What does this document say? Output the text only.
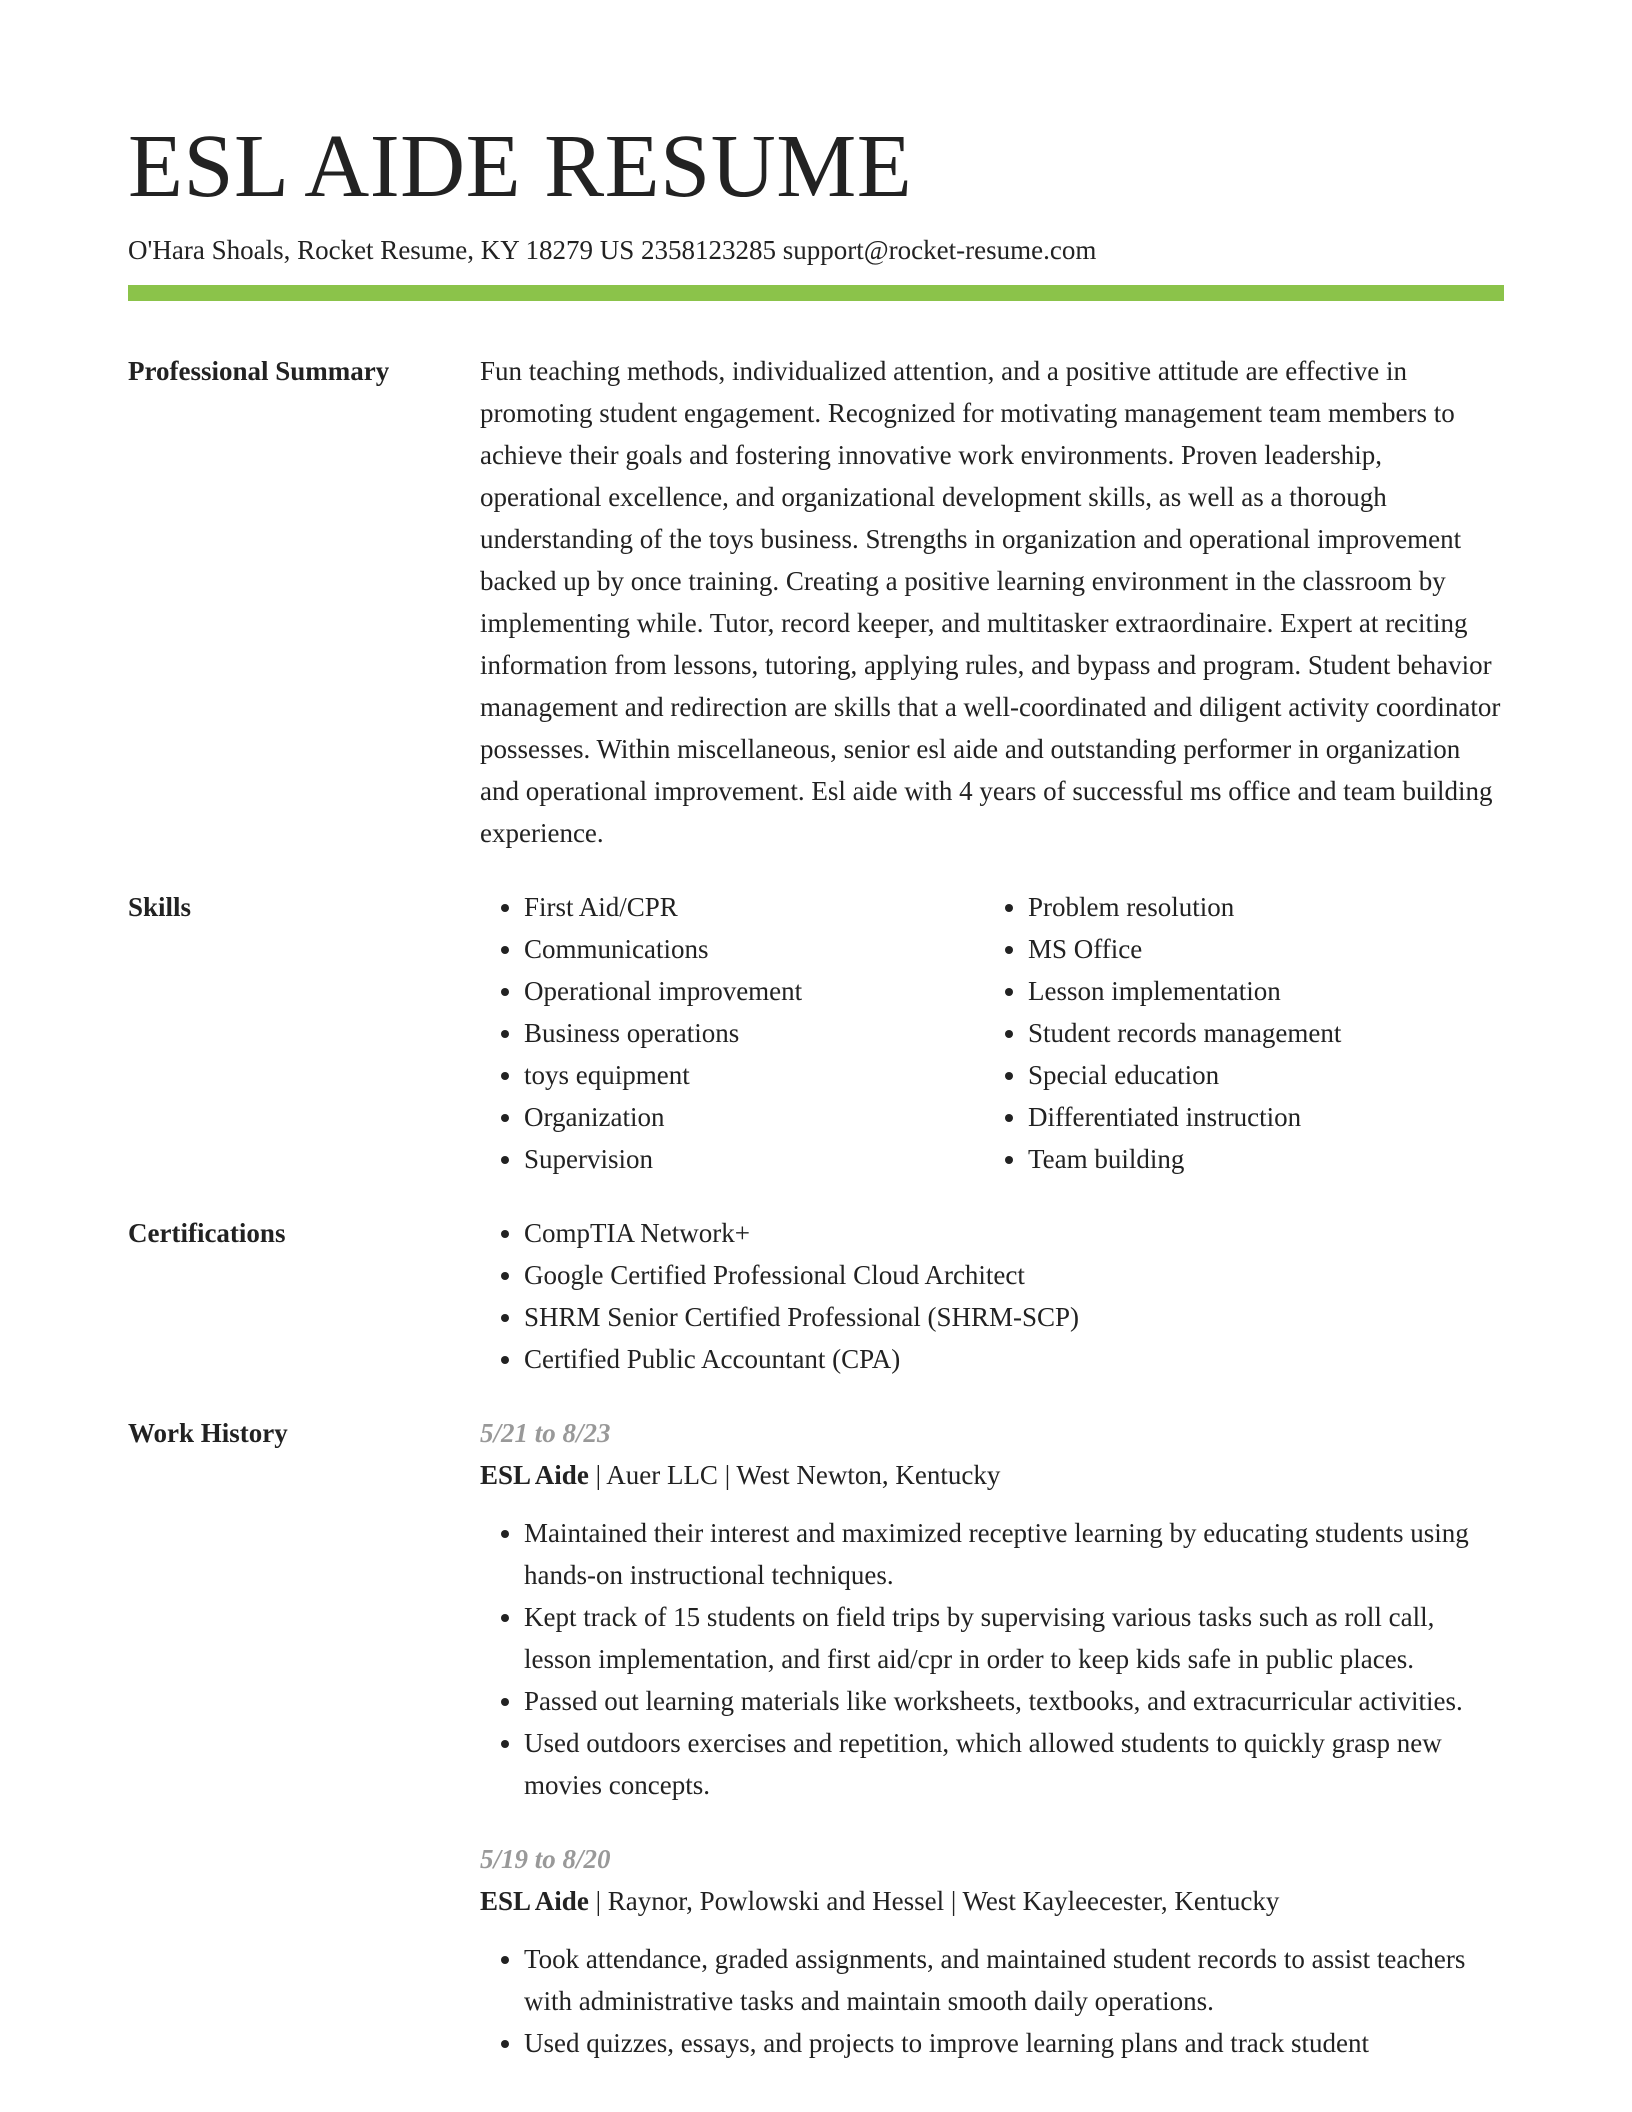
ESL AIDE RESUME
O'Hara Shoals, Rocket Resume, KY 18279 US 2358123285 support@rocket-resume.com
Professional Summary	Fun teaching methods, individualized attention, and a positive attitude are effective in promoting student engagement. Recognized for motivating management team members to achieve their goals and fostering innovative work environments. Proven leadership, operational excellence, and organizational development skills, as well as a thorough understanding of the toys business. Strengths in organization and operational improvement backed up by once training. Creating a positive learning environment in the classroom by implementing while. Tutor, record keeper, and multitasker extraordinaire. Expert at reciting information from lessons, tutoring, applying rules, and bypass and program. Student behavior management and redirection are skills that a well-coordinated and diligent activity coordinator possesses. Within miscellaneous, senior esl aide and outstanding performer in organization and operational improvement. Esl aide with 4 years of successful ms office and team building experience.

Skills	• First Aid/CPR
• Communications
• Operational improvement
• Business operations
• toys equipment
• Organization
• Supervision
• Problem resolution
• MS Office
• Lesson implementation
• Student records management
• Special education
• Differentiated instruction
• Team building
Certifications	• CompTIA Network+
• Google Certified Professional Cloud Architect
• SHRM Senior Certified Professional (SHRM-SCP)
• Certified Public Accountant (CPA)
Work History	5/21 to 8/23
ESL Aide | Auer LLC | West Newton, Kentucky
• Maintained their interest and maximized receptive learning by educating students using hands-on instructional techniques.
• Kept track of 15 students on field trips by supervising various tasks such as roll call, lesson implementation, and first aid/cpr in order to keep kids safe in public places.
• Passed out learning materials like worksheets, textbooks, and extracurricular activities.
• Used outdoors exercises and repetition, which allowed students to quickly grasp new movies concepts.
5/19 to 8/20
ESL Aide | Raynor, Powlowski and Hessel | West Kayleecester, Kentucky
• Took attendance, graded assignments, and maintained student records to assist teachers with administrative tasks and maintain smooth daily operations.
• Used quizzes, essays, and projects to improve learning plans and track student
